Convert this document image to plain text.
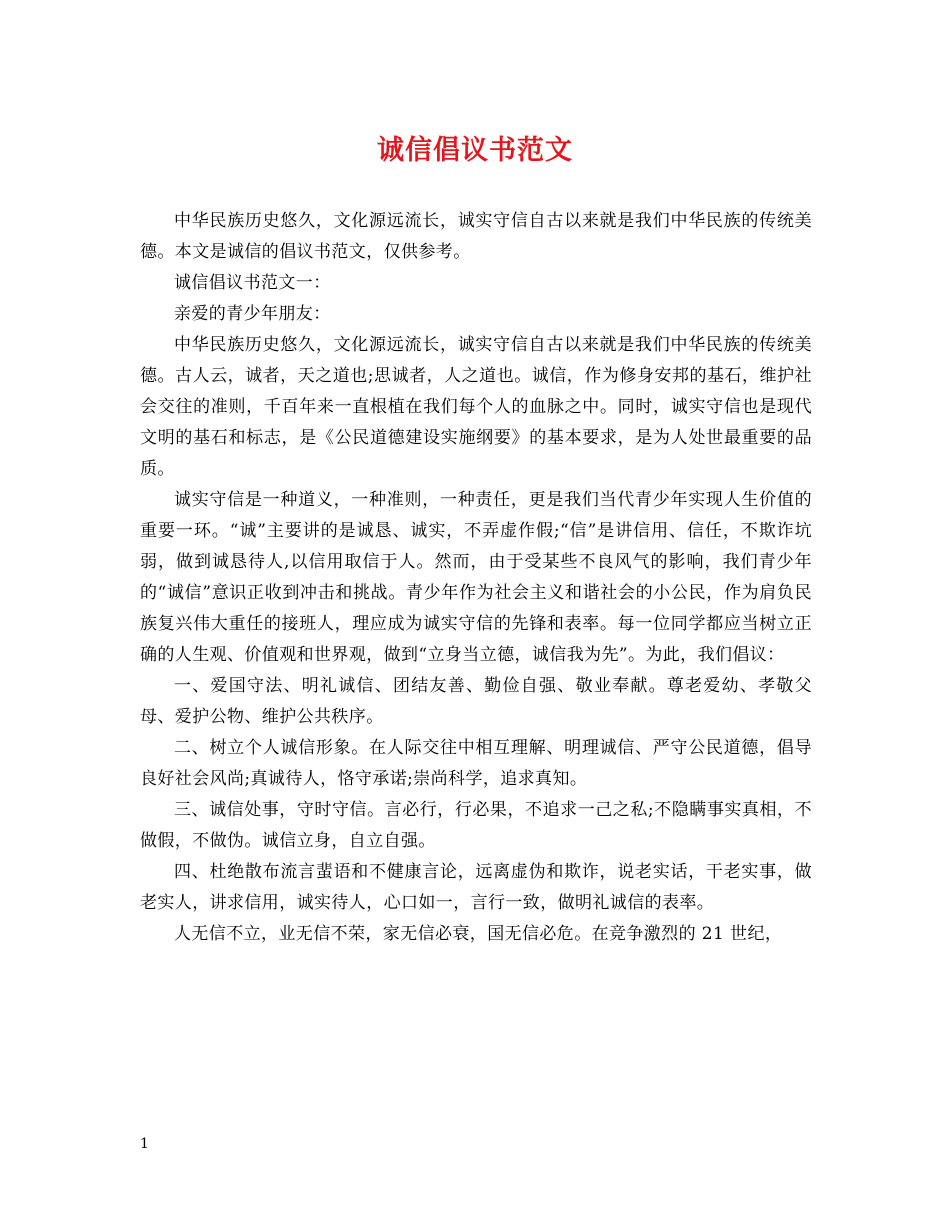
诚信倡议书范文

中华民族历史悠久，文化源远流长，诚实守信自古以来就是我们中华民族的传统美德。本文是诚信的倡议书范文，仅供参考。

诚信倡议书范文一：

亲爱的青少年朋友：

中华民族历史悠久，文化源远流长，诚实守信自古以来就是我们中华民族的传统美德。古人云，诚者，天之道也;思诚者，人之道也。诚信，作为修身安邦的基石，维护社会交往的准则，千百年来一直根植在我们每个人的血脉之中。同时，诚实守信也是现代文明的基石和标志，是《公民道德建设实施纲要》的基本要求，是为人处世最重要的品质。

诚实守信是一种道义，一种准则，一种责任，更是我们当代青少年实现人生价值的重要一环。“诚”主要讲的是诚恳、诚实，不弄虚作假;“信”是讲信用、信任，不欺诈坑弱，做到诚恳待人,以信用取信于人。然而，由于受某些不良风气的影响，我们青少年的“诚信”意识正收到冲击和挑战。青少年作为社会主义和谐社会的小公民，作为肩负民族复兴伟大重任的接班人，理应成为诚实守信的先锋和表率。每一位同学都应当树立正确的人生观、价值观和世界观，做到“立身当立德，诚信我为先”。为此，我们倡议：

一、爱国守法、明礼诚信、团结友善、勤俭自强、敬业奉献。尊老爱幼、孝敬父母、爱护公物、维护公共秩序。

二、树立个人诚信形象。在人际交往中相互理解、明理诚信、严守公民道德，倡导良好社会风尚;真诚待人，恪守承诺;崇尚科学，追求真知。

三、诚信处事，守时守信。言必行，行必果，不追求一己之私;不隐瞒事实真相，不做假，不做伪。诚信立身，自立自强。

四、杜绝散布流言蜚语和不健康言论，远离虚伪和欺诈，说老实话，干老实事，做老实人，讲求信用，诚实待人，心口如一，言行一致，做明礼诚信的表率。

人无信不立，业无信不荣，家无信必衰，国无信必危。在竞争激烈的 21 世纪，

1
